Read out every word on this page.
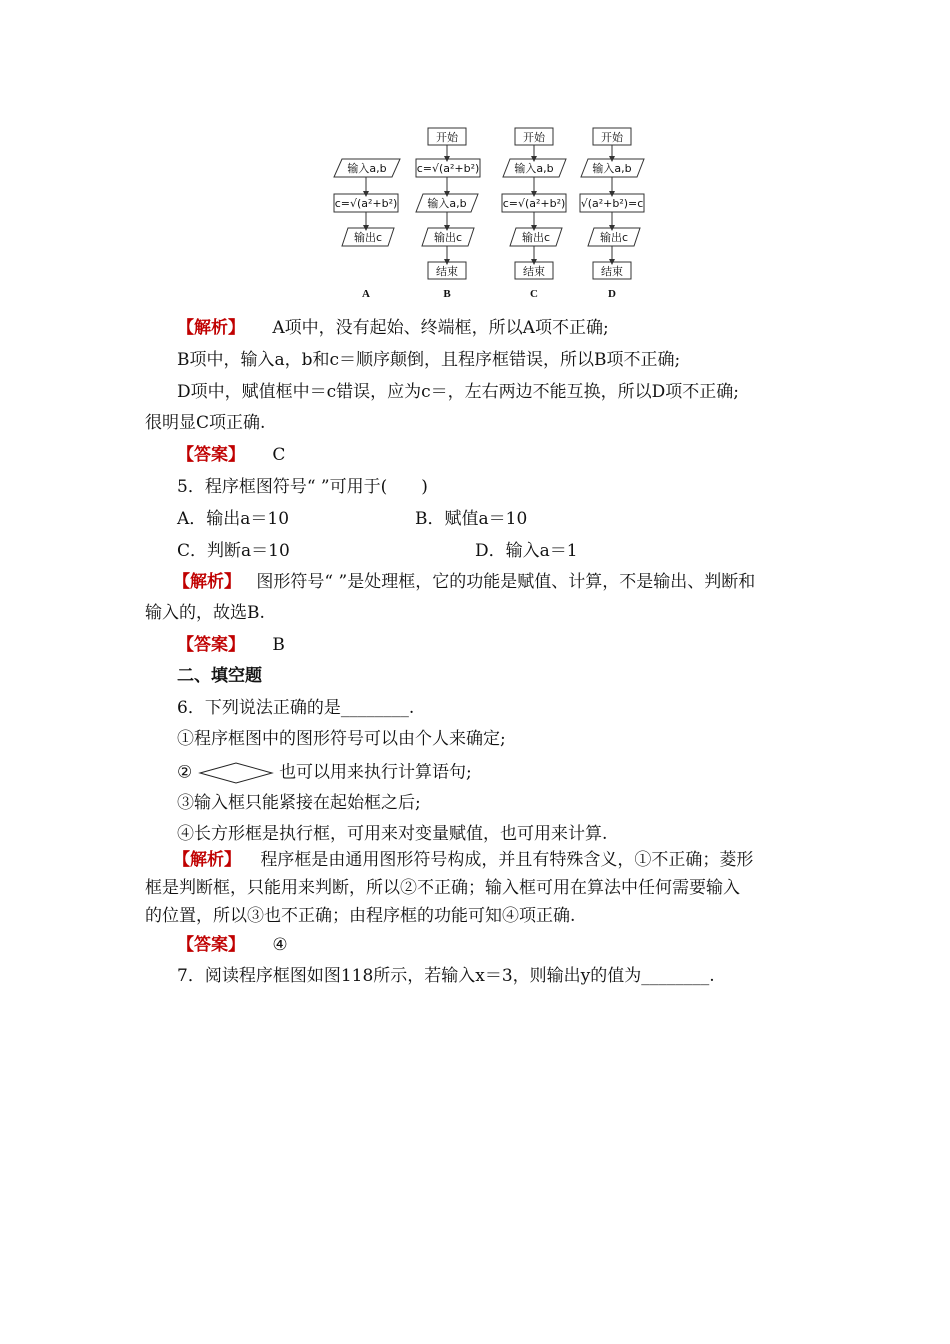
输入a,b
c=√(a²+b²)
输出c
A
开始
c=√(a²+b²)
输入a,b
输出c
结束
B
开始
输入a,b
c=√(a²+b²)
输出c
结束
C
开始
输入a,b
√(a²+b²)=c
输出c
结束
D
【解析】 A项中，没有起始、终端框，所以A项不正确;
B项中，输入a，b和c＝顺序颠倒，且程序框错误，所以B项不正确;
D项中，赋值框中＝c错误，应为c＝，左右两边不能互换，所以D项不正确;
很明显C项正确.
【答案】 C
5．程序框图符号“ ”可用于(　　)
A．输出a＝10	B．赋值a＝10
C．判断a＝10	D．输入a＝1
【解析】 图形符号“ ”是处理框，它的功能是赋值、计算，不是输出、判断和
输入的，故选B.
【答案】 B
二、填空题
6．下列说法正确的是________.
①程序框图中的图形符号可以由个人来确定;
②	也可以用来执行计算语句;
③输入框只能紧接在起始框之后;
④长方形框是执行框，可用来对变量赋值，也可用来计算.
【解析】 程序框是由通用图形符号构成，并且有特殊含义，①不正确；菱形
框是判断框，只能用来判断，所以②不正确；输入框可用在算法中任何需要输入
的位置，所以③也不正确；由程序框的功能可知④项正确.
【答案】 ④
7．阅读程序框图如图118所示，若输入x＝3，则输出y的值为________.
